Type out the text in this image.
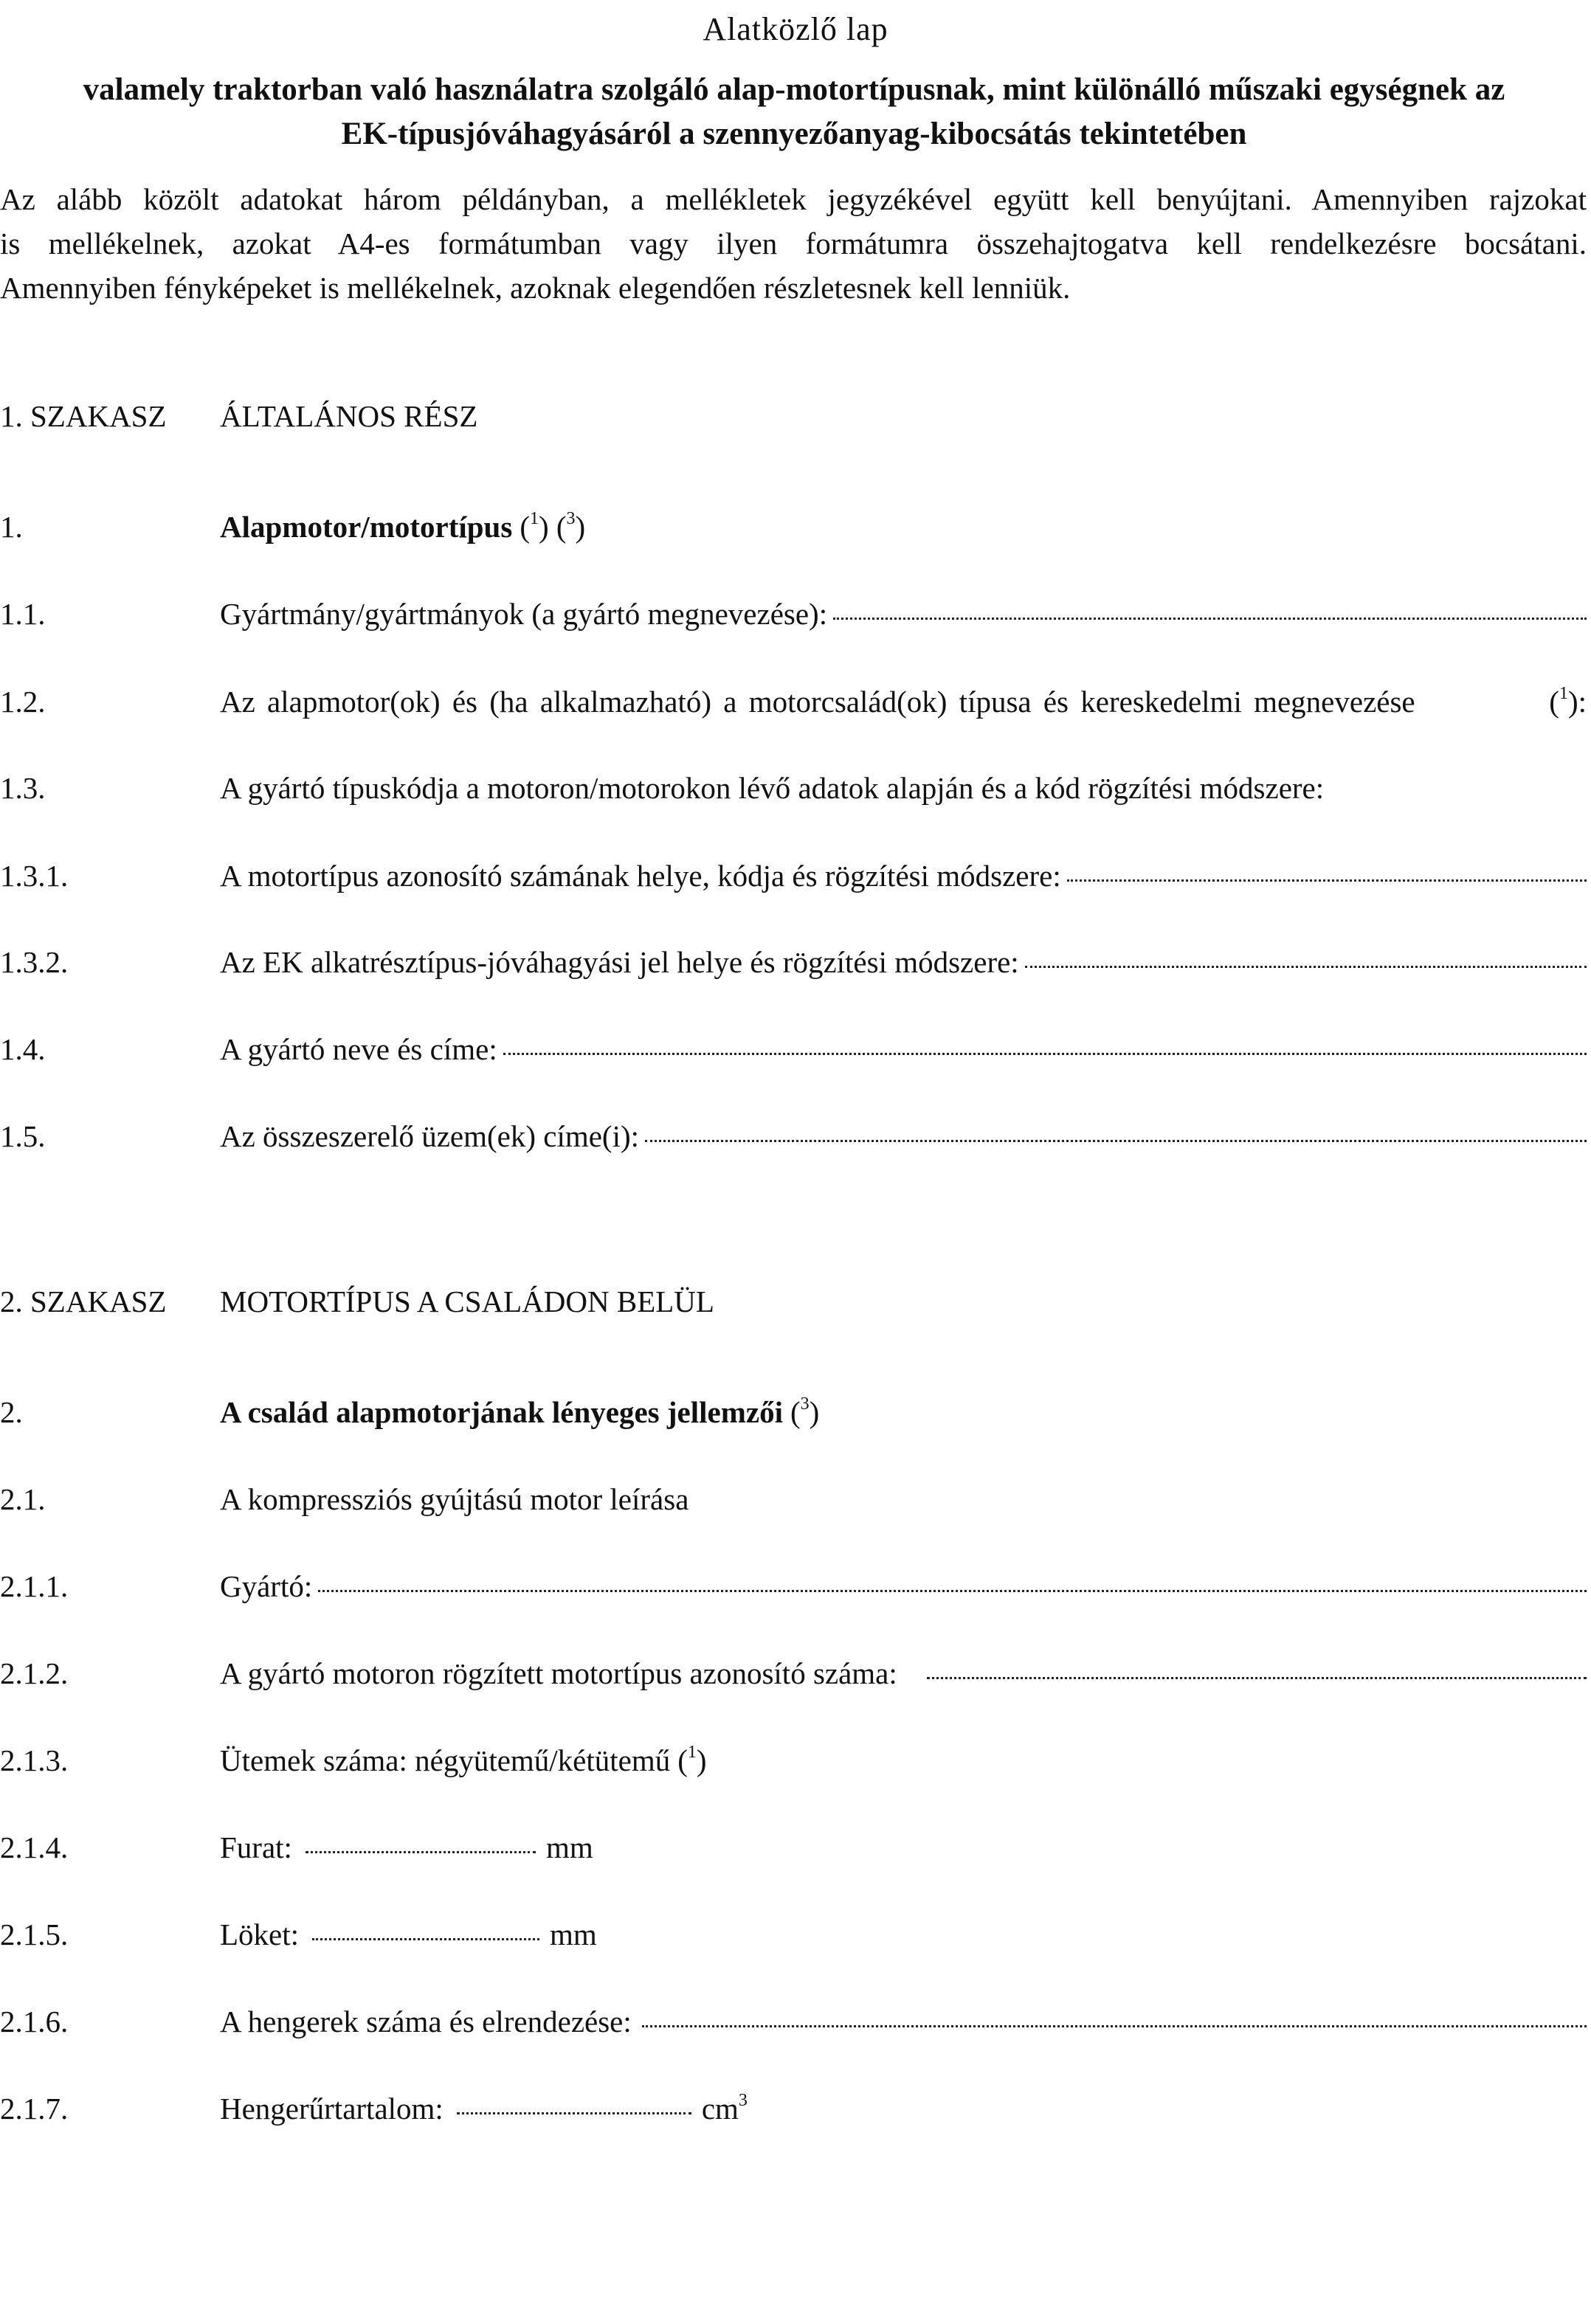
Alatközlő lap
valamely traktorban való használatra szolgáló alap-motortípusnak, mint különálló műszaki egységnek az
EK-típusjóváhagyásáról a szennyezőanyag-kibocsátás tekintetében
Az alább közölt adatokat három példányban, a mellékletek jegyzékével együtt kell benyújtani. Amennyiben rajzokat
is mellékelnek, azokat A4-es formátumban vagy ilyen formátumra összehajtogatva kell rendelkezésre bocsátani.
Amennyiben fényképeket is mellékelnek, azoknak elegendően részletesnek kell lenniük.
1. SZAKASZ ÁLTALÁNOS RÉSZ
1.	Alapmotor/motortípus ($^1$) ($^3$)
1.1.	Gyártmány/gyártmányok (a gyártó megnevezése):
1.2.	Az alapmotor(ok) és (ha alkalmazható) a motorcsalád(ok) típusa és kereskedelmi megnevezése	($^1$):
1.3.	A gyártó típuskódja a motoron/motorokon lévő adatok alapján és a kód rögzítési módszere:
1.3.1.	A motortípus azonosító számának helye, kódja és rögzítési módszere:
1.3.2.	Az EK alkatrésztípus-jóváhagyási jel helye és rögzítési módszere:
1.4.	A gyártó neve és címe:
1.5.	Az összeszerelő üzem(ek) címe(i):
2. SZAKASZ MOTORTÍPUS A CSALÁDON BELÜL
2.	A család alapmotorjának lényeges jellemzői ($^3$)
2.1.	A kompressziós gyújtású motor leírása
2.1.1.	Gyártó:
2.1.2.	A gyártó motoron rögzített motortípus azonosító száma:
2.1.3.	Ütemek száma: négyütemű/kétütemű ($^1$)
2.1.4.	Furat:	mm
2.1.5.	Löket:	mm
2.1.6.	A hengerek száma és elrendezése:
2.1.7.	Hengerűrtartalom:	$cm^3$
